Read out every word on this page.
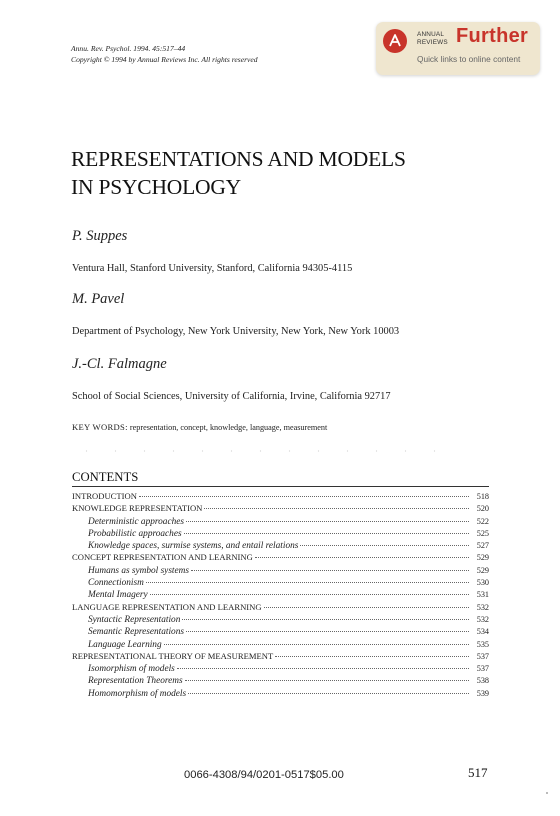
Annu. Rev. Psychol. 1994. 45:517–44
Copyright © 1994 by Annual Reviews Inc. All rights reserved
ANNUAL
REVIEWS Further
Quick links to online content
REPRESENTATIONS AND MODELS
IN PSYCHOLOGY
P. Suppes
Ventura Hall, Stanford University, Stanford, California 94305-4115
M. Pavel
Department of Psychology, New York University, New York, New York 10003
J.-Cl. Falmagne
School of Social Sciences, University of California, Irvine, California 92717
KEY WORDS: representation, concept, knowledge, language, measurement
CONTENTS
INTRODUCTION	518
KNOWLEDGE REPRESENTATION	520
Deterministic approaches	522
Probabilistic approaches	525
Knowledge spaces, surmise systems, and entail relations	527
CONCEPT REPRESENTATION AND LEARNING	529
Humans as symbol systems	529
Connectionism	530
Mental Imagery	531
LANGUAGE REPRESENTATION AND LEARNING	532
Syntactic Representation	532
Semantic Representations	534
Language Learning	535
REPRESENTATIONAL THEORY OF MEASUREMENT	537
Isomorphism of models	537
Representation Theorems	538
Homomorphism of models	539
0066-4308/94/0201-0517$05.00	517
